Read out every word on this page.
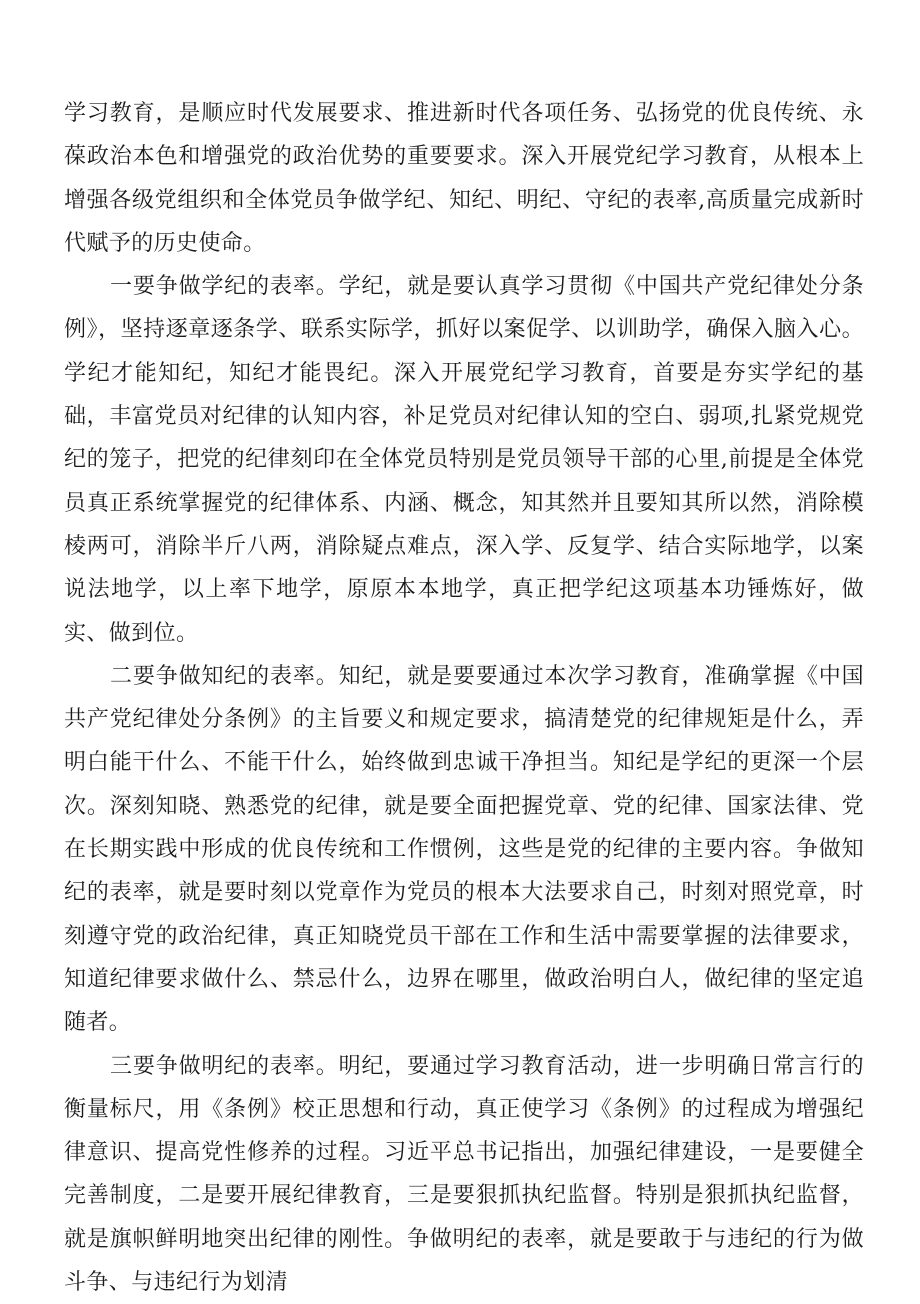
学习教育，是顺应时代发展要求、推进新时代各项任务、弘扬党的优良传统、永葆政治本色和增强党的政治优势的重要要求。深入开展党纪学习教育，从根本上增强各级党组织和全体党员争做学纪、知纪、明纪、守纪的表率,高质量完成新时代赋予的历史使命。

一要争做学纪的表率。学纪，就是要认真学习贯彻《中国共产党纪律处分条例》，坚持逐章逐条学、联系实际学，抓好以案促学、以训助学，确保入脑入心。学纪才能知纪，知纪才能畏纪。深入开展党纪学习教育，首要是夯实学纪的基础，丰富党员对纪律的认知内容，补足党员对纪律认知的空白、弱项,扎紧党规党纪的笼子，把党的纪律刻印在全体党员特别是党员领导干部的心里,前提是全体党员真正系统掌握党的纪律体系、内涵、概念，知其然并且要知其所以然，消除模棱两可，消除半斤八两，消除疑点难点，深入学、反复学、结合实际地学，以案说法地学，以上率下地学，原原本本地学，真正把学纪这项基本功锤炼好，做实、做到位。

二要争做知纪的表率。知纪，就是要要通过本次学习教育，准确掌握《中国共产党纪律处分条例》的主旨要义和规定要求，搞清楚党的纪律规矩是什么，弄明白能干什么、不能干什么，始终做到忠诚干净担当。知纪是学纪的更深一个层次。深刻知晓、熟悉党的纪律，就是要全面把握党章、党的纪律、国家法律、党在长期实践中形成的优良传统和工作惯例，这些是党的纪律的主要内容。争做知纪的表率，就是要时刻以党章作为党员的根本大法要求自己，时刻对照党章，时刻遵守党的政治纪律，真正知晓党员干部在工作和生活中需要掌握的法律要求，知道纪律要求做什么、禁忌什么，边界在哪里，做政治明白人，做纪律的坚定追随者。

三要争做明纪的表率。明纪，要通过学习教育活动，进一步明确日常言行的衡量标尺，用《条例》校正思想和行动，真正使学习《条例》的过程成为增强纪律意识、提高党性修养的过程。习近平总书记指出，加强纪律建设，一是要健全完善制度，二是要开展纪律教育，三是要狠抓执纪监督。特别是狠抓执纪监督，就是旗帜鲜明地突出纪律的刚性。争做明纪的表率，就是要敢于与违纪的行为做斗争、与违纪行为划清
